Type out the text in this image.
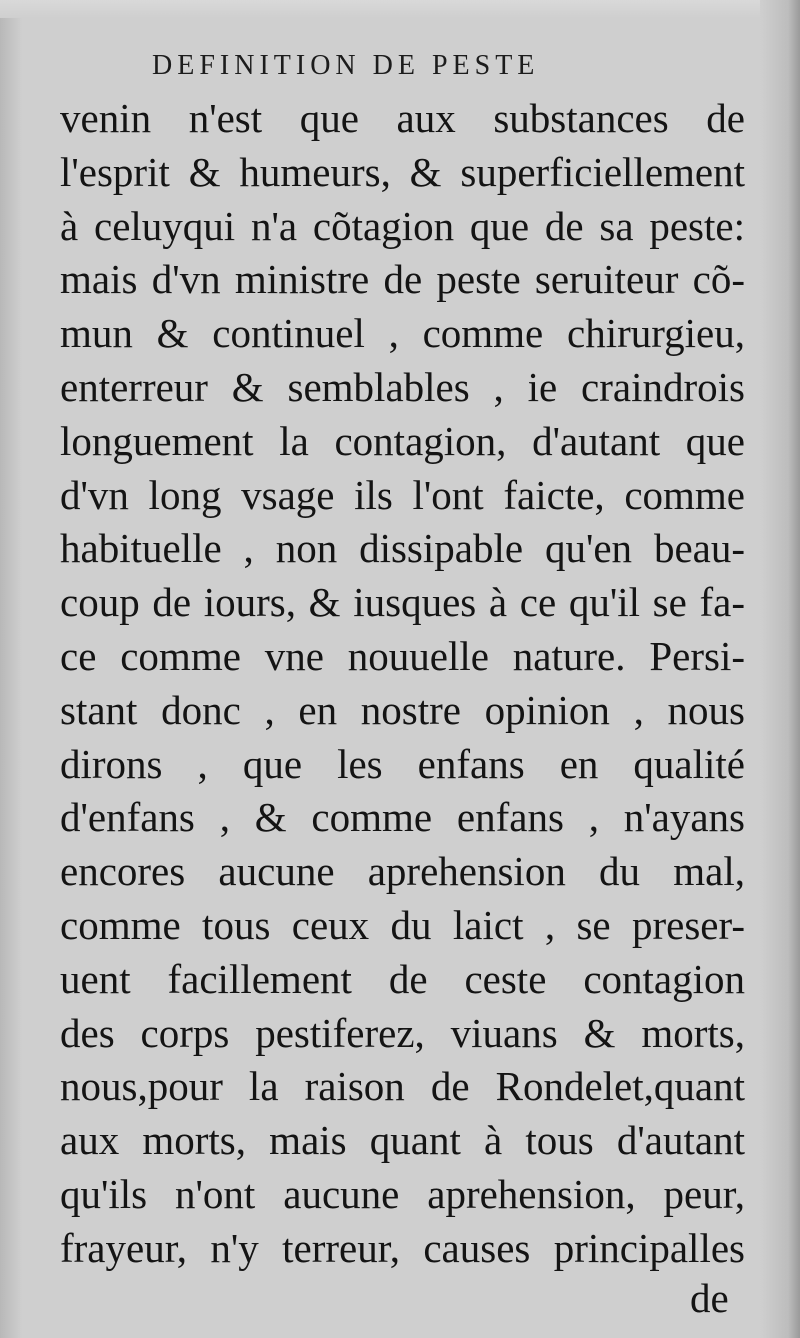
DEFINITION DE PESTE
venin n'est que aux substances de
l'esprit & humeurs, & superficiellement
à celuyqui n'a cõtagion que de sa peste:
mais d'vn ministre de peste seruiteur cõ-
mun & continuel , comme chirurgieu,
enterreur & semblables , ie craindrois
longuement la contagion, d'autant que
d'vn long vsage ils l'ont faicte, comme
habituelle , non dissipable qu'en beau-
coup de iours, & iusques à ce qu'il se fa-
ce comme vne nouuelle nature. Persi-
stant donc , en nostre opinion , nous
dirons , que les enfans en qualité
d'enfans , & comme enfans , n'ayans
encores aucune aprehension du mal,
comme tous ceux du laict , se preser-
uent facillement de ceste contagion
des corps pestiferez, viuans & morts,
nous,pour la raison de Rondelet,quant
aux morts, mais quant à tous d'autant
qu'ils n'ont aucune aprehension, peur,
frayeur, n'y terreur, causes principalles
de
